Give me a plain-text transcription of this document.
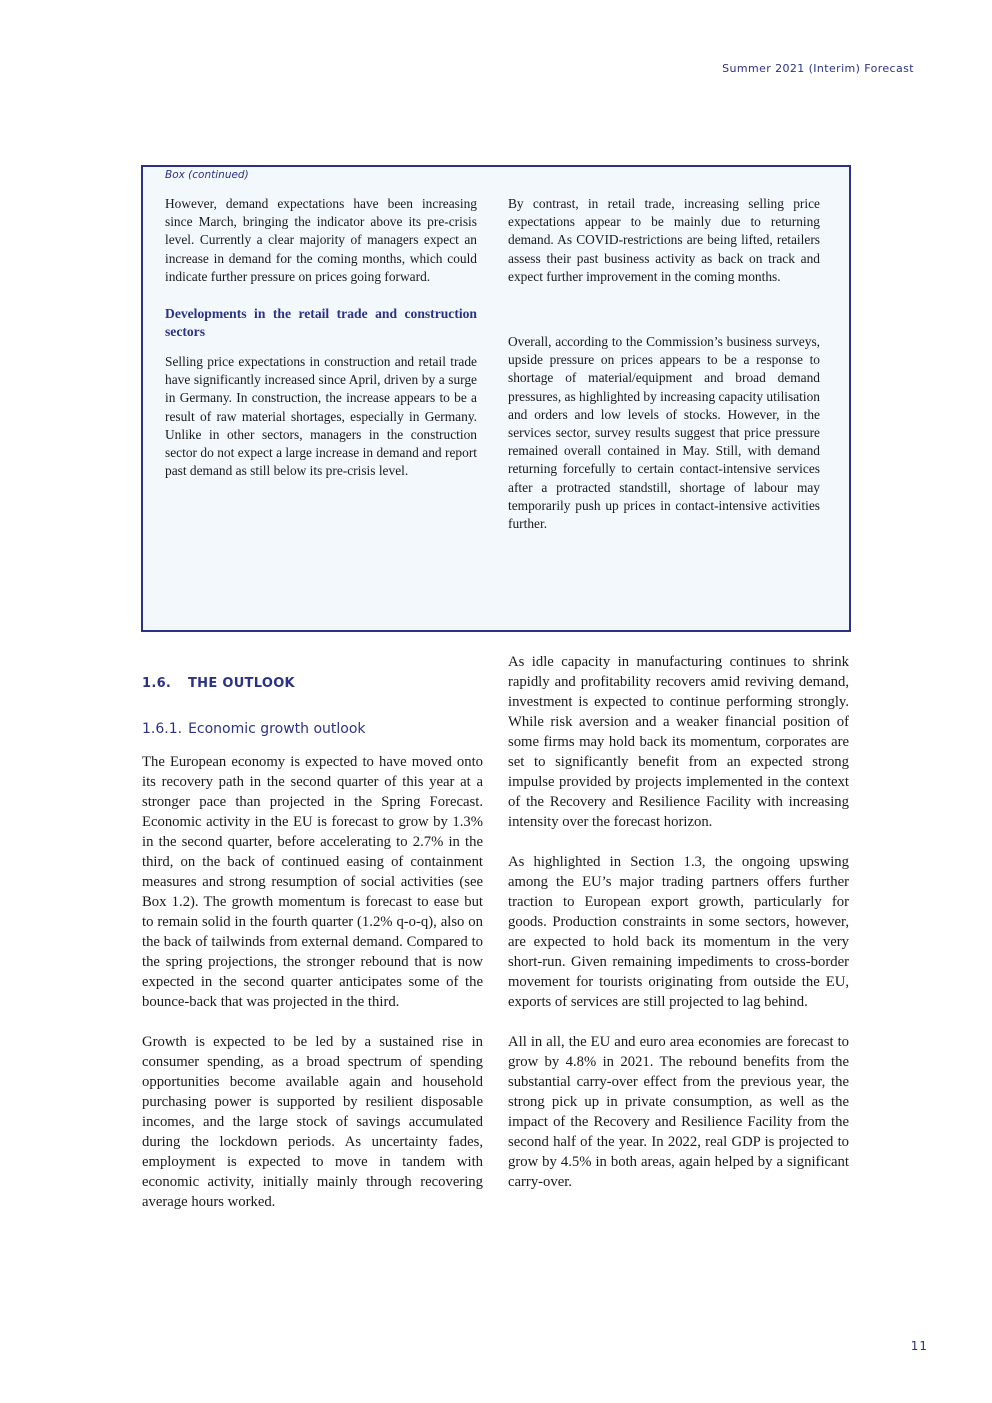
Summer 2021 (Interim) Forecast
Box (continued)

However, demand expectations have been increasing since March, bringing the indicator above its pre-crisis level. Currently a clear majority of managers expect an increase in demand for the coming months, which could indicate further pressure on prices going forward.

Developments in the retail trade and construction sectors

Selling price expectations in construction and retail trade have significantly increased since April, driven by a surge in Germany. In construction, the increase appears to be a result of raw material shortages, especially in Germany. Unlike in other sectors, managers in the construction sector do not expect a large increase in demand and report past demand as still below its pre-crisis level.

By contrast, in retail trade, increasing selling price expectations appear to be mainly due to returning demand. As COVID-restrictions are being lifted, retailers assess their past business activity as back on track and expect further improvement in the coming months.

Overall, according to the Commission’s business surveys, upside pressure on prices appears to be a response to shortage of material/equipment and broad demand pressures, as highlighted by increasing capacity utilisation and orders and low levels of stocks. However, in the services sector, survey results suggest that price pressure remained overall contained in May. Still, with demand returning forcefully to certain contact-intensive services after a protracted standstill, shortage of labour may temporarily push up prices in contact-intensive activities further.

1.6. THE OUTLOOK
1.6.1. Economic growth outlook

The European economy is expected to have moved onto its recovery path in the second quarter of this year at a stronger pace than projected in the Spring Forecast. Economic activity in the EU is forecast to grow by 1.3% in the second quarter, before accelerating to 2.7% in the third, on the back of continued easing of containment measures and strong resumption of social activities (see Box 1.2). The growth momentum is forecast to ease but to remain solid in the fourth quarter (1.2% q-o-q), also on the back of tailwinds from external demand. Compared to the spring projections, the stronger rebound that is now expected in the second quarter anticipates some of the bounce-back that was projected in the third.

Growth is expected to be led by a sustained rise in consumer spending, as a broad spectrum of spending opportunities become available again and household purchasing power is supported by resilient disposable incomes, and the large stock of savings accumulated during the lockdown periods. As uncertainty fades, employment is expected to move in tandem with economic activity, initially mainly through recovering average hours worked.

As idle capacity in manufacturing continues to shrink rapidly and profitability recovers amid reviving demand, investment is expected to continue performing strongly. While risk aversion and a weaker financial position of some firms may hold back its momentum, corporates are set to significantly benefit from an expected strong impulse provided by projects implemented in the context of the Recovery and Resilience Facility with increasing intensity over the forecast horizon.

As highlighted in Section 1.3, the ongoing upswing among the EU’s major trading partners offers further traction to European export growth, particularly for goods. Production constraints in some sectors, however, are expected to hold back its momentum in the very short-run. Given remaining impediments to cross-border movement for tourists originating from outside the EU, exports of services are still projected to lag behind.

All in all, the EU and euro area economies are forecast to grow by 4.8% in 2021. The rebound benefits from the substantial carry-over effect from the previous year, the strong pick up in private consumption, as well as the impact of the Recovery and Resilience Facility from the second half of the year. In 2022, real GDP is projected to grow by 4.5% in both areas, again helped by a significant carry-over.

11
